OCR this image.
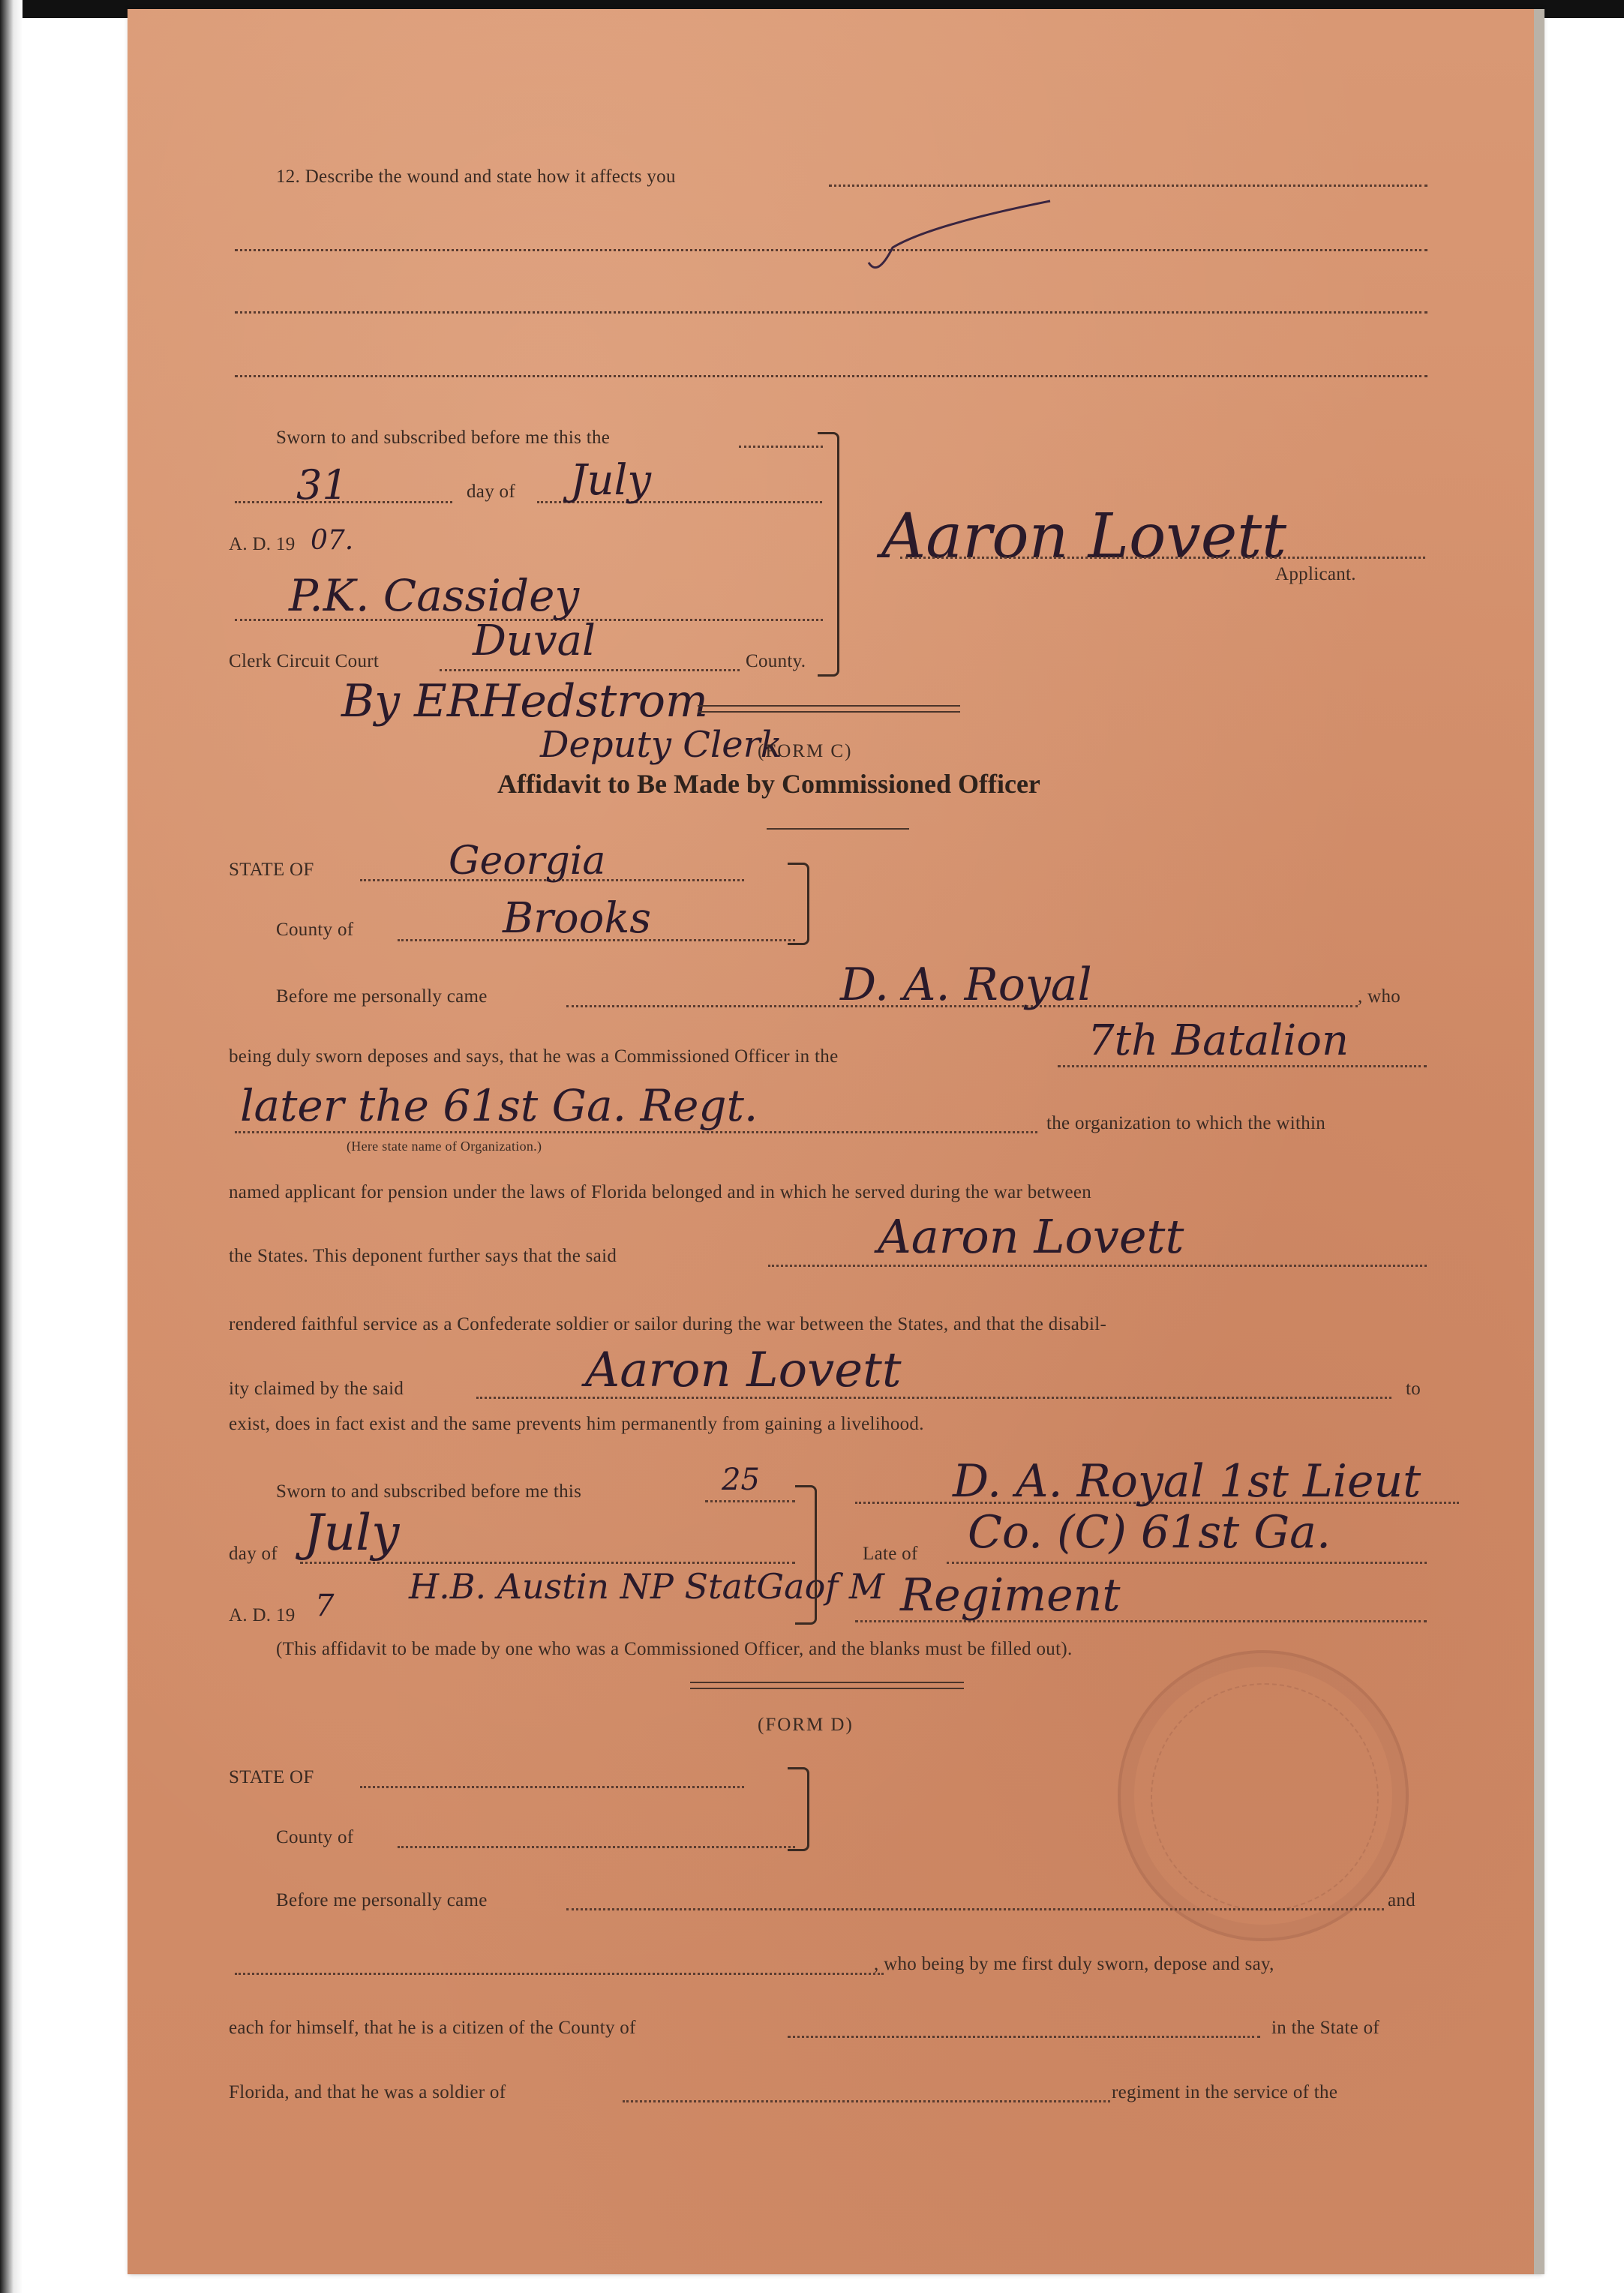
12. Describe the wound and state how it affects you
Sworn to and subscribed before me this the
31	day of July
A. D. 19 07.
P.K. Cassidey
Clerk Circuit Court Duval	County.
Aaron Lovett
Applicant.
By ERHedstrom
Deputy Clerk
(FORM C)
Affidavit to Be Made by Commissioned Officer
STATE OF	Georgia
County of	Brooks
Before me personally came	D. A. Royal	, who
being duly sworn deposes and says, that he was a Commissioned Officer in the	7th Batalion
later the 61st Ga. Regt.	the organization to which the within
(Here state name of Organization.)
named applicant for pension under the laws of Florida belonged and in which he served during the war between
the States. This deponent further says that the said	Aaron Lovett
rendered faithful service as a Confederate soldier or sailor during the war between the States, and that the disabil-
ity claimed by the said	Aaron Lovett	to
exist, does in fact exist and the same prevents him permanently from gaining a livelihood.
Sworn to and subscribed before me this	25
day of July
A. D. 19 7 H.B. Austin NP StatGaof M
D. A. Royal 1st Lieut
Late of Co. (C) 61st Ga.
Regiment
(This affidavit to be made by one who was a Commissioned Officer, and the blanks must be filled out).
(FORM D)
STATE OF
County of
Before me personally came	and
, who being by me first duly sworn, depose and say,
each for himself, that he is a citizen of the County of	in the State of
Florida, and that he was a soldier of	regiment in the service of the
